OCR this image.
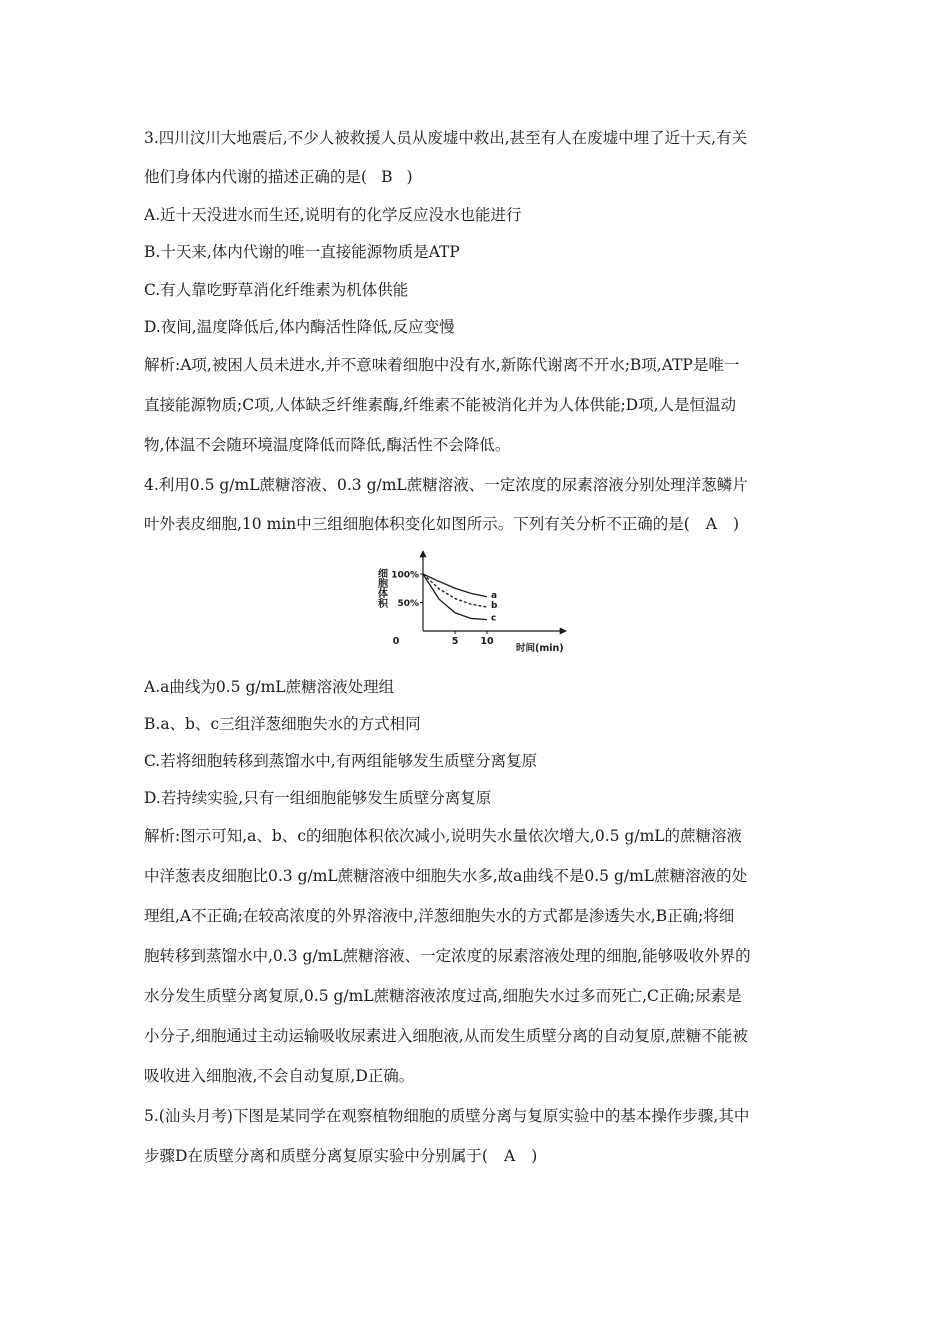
3.四川汶川大地震后,不少人被救援人员从废墟中救出,甚至有人在废墟中埋了近十天,有关
他们身体内代谢的描述正确的是( B )
A.近十天没进水而生还,说明有的化学反应没水也能进行
B.十天来,体内代谢的唯一直接能源物质是ATP
C.有人靠吃野草消化纤维素为机体供能
D.夜间,温度降低后,体内酶活性降低,反应变慢
解析:A项,被困人员未进水,并不意味着细胞中没有水,新陈代谢离不开水;B项,ATP是唯一
直接能源物质;C项,人体缺乏纤维素酶,纤维素不能被消化并为人体供能;D项,人是恒温动
物,体温不会随环境温度降低而降低,酶活性不会降低。
4.利用0.5 g/mL蔗糖溶液、0.3 g/mL蔗糖溶液、一定浓度的尿素溶液分别处理洋葱鳞片
叶外表皮细胞,10 min中三组细胞体积变化如图所示。下列有关分析不正确的是( A )
细胞体积
时间(min)
100%
50%
0	5 10
a
b
c
A.a曲线为0.5 g/mL蔗糖溶液处理组
B.a、b、c三组洋葱细胞失水的方式相同
C.若将细胞转移到蒸馏水中,有两组能够发生质壁分离复原
D.若持续实验,只有一组细胞能够发生质壁分离复原
解析:图示可知,a、b、c的细胞体积依次减小,说明失水量依次增大,0.5 g/mL的蔗糖溶液
中洋葱表皮细胞比0.3 g/mL蔗糖溶液中细胞失水多,故a曲线不是0.5 g/mL蔗糖溶液的处
理组,A不正确;在较高浓度的外界溶液中,洋葱细胞失水的方式都是渗透失水,B正确;将细
胞转移到蒸馏水中,0.3 g/mL蔗糖溶液、一定浓度的尿素溶液处理的细胞,能够吸收外界的
水分发生质壁分离复原,0.5 g/mL蔗糖溶液浓度过高,细胞失水过多而死亡,C正确;尿素是
小分子,细胞通过主动运输吸收尿素进入细胞液,从而发生质壁分离的自动复原,蔗糖不能被
吸收进入细胞液,不会自动复原,D正确。
5.(汕头月考)下图是某同学在观察植物细胞的质壁分离与复原实验中的基本操作步骤,其中
步骤D在质壁分离和质壁分离复原实验中分别属于( A )
